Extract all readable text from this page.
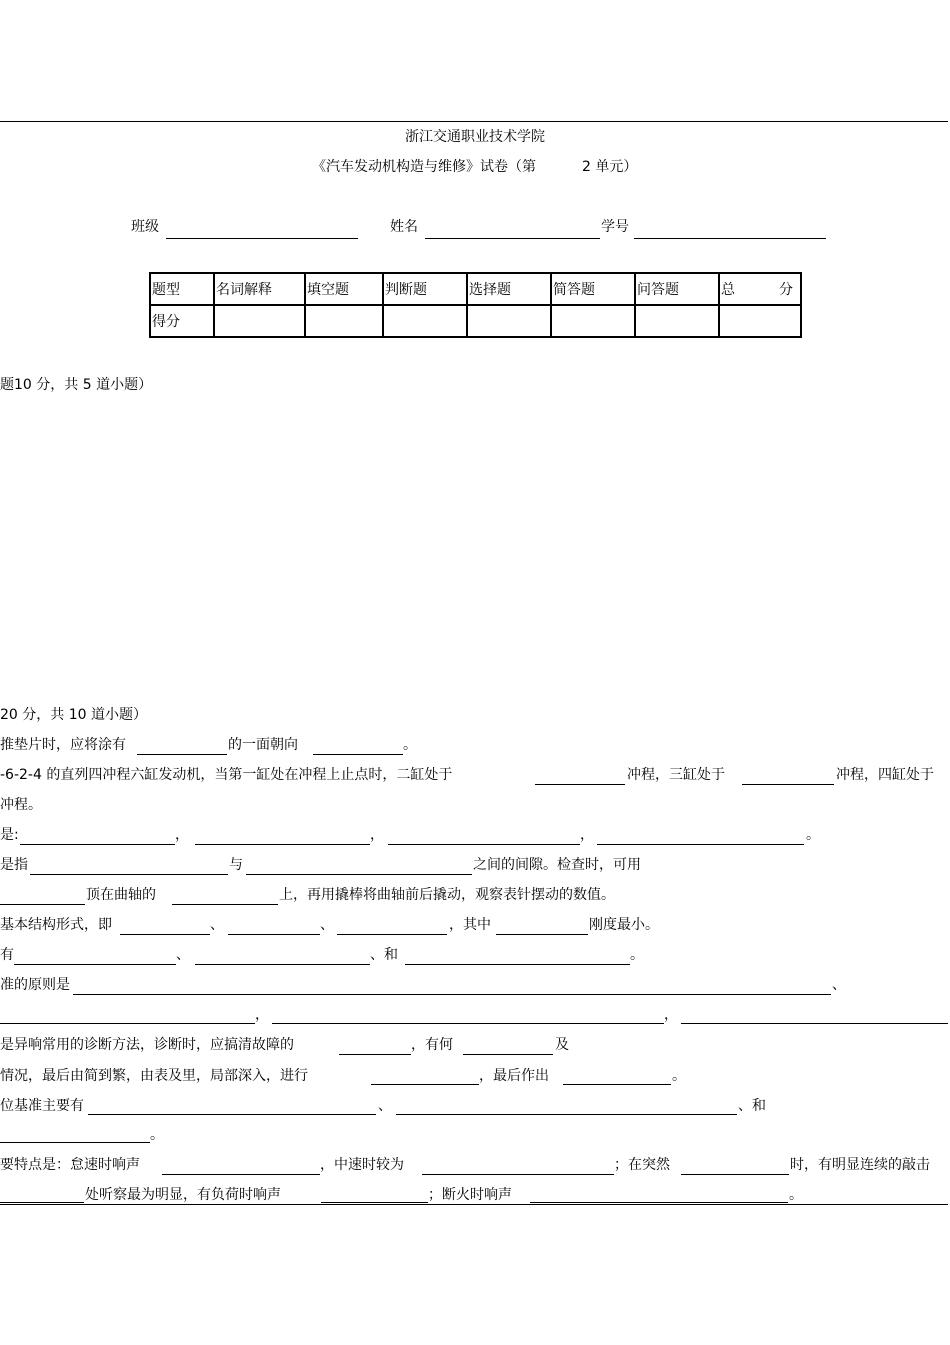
浙江交通职业技术学院
《汽车发动机构造与维修》试卷（第	2 单元）
班级	姓名	学号
题型	名词解释	填空题	判断题	选择题	简答题	问答题	总 分

得分							
题10 分，共 5 道小题）
20 分，共 10 道小题）
推垫片时，应将涂有	的一面朝向	。
-6-2-4 的直列四冲程六缸发动机，当第一缸处在冲程上止点时，二缸处于	冲程，三缸处于	冲程，四缸处于
冲程。
是:	，	，	，	。
是指	与	之间的间隙。检查时，可用
顶在曲轴的	上，再用撬棒将曲轴前后撬动，观察表针摆动的数值。
基本结构形式，即	、	、	，其中	刚度最小。
有	、	、和	。
准的原则是	、
，	，
是异响常用的诊断方法，诊断时，应搞清故障的	，有何	及
情况，最后由简到繁，由表及里，局部深入，进行	，最后作出	。
位基准主要有	、	、和
。
要特点是：怠速时响声	，中速时较为	；在突然	时，有明显连续的敲击
处听察最为明显，有负荷时响声	；断火时响声	。
